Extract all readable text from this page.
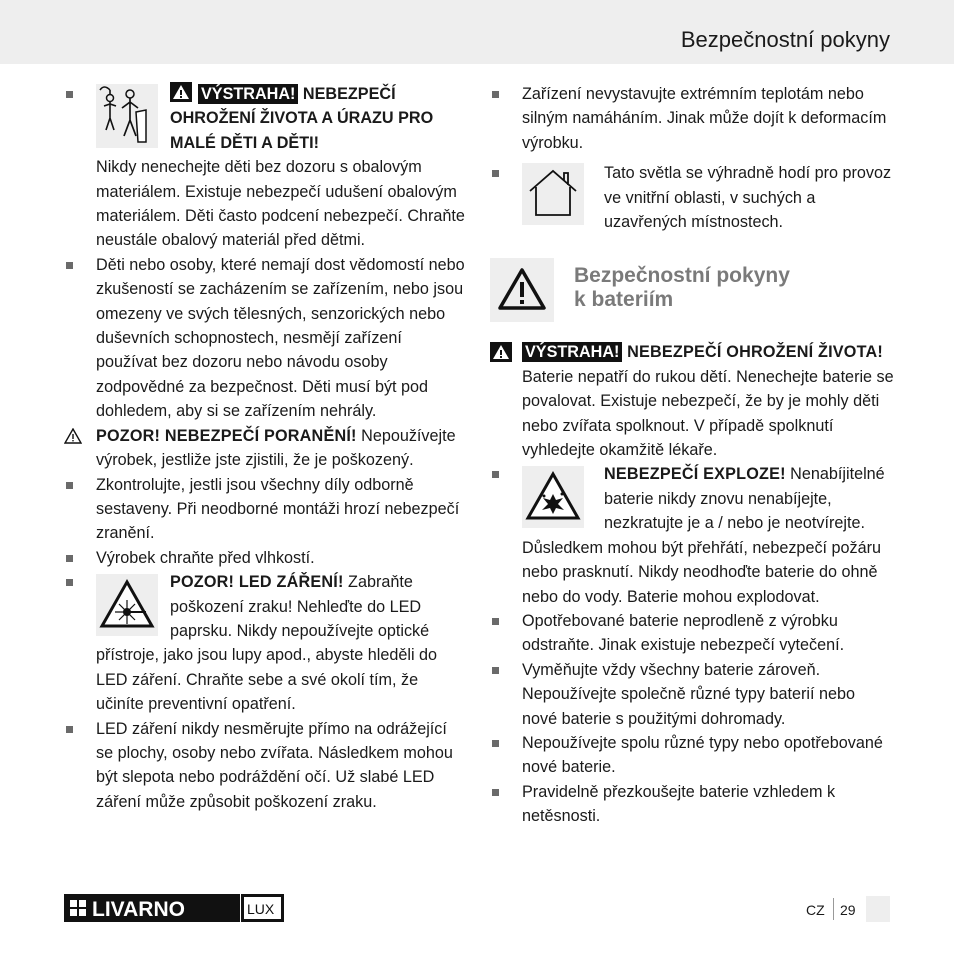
Bezpečnostní pokyny
VÝSTRAHA! NEBEZPEČÍ OHROŽENÍ ŽIVOTA A ÚRAZU PRO MALÉ DĚTI A DĚTI!
Nikdy nenechejte děti bez dozoru s obalovým materiálem. Existuje nebezpečí udušení obalovým materiálem. Děti často podcení nebezpečí. Chraňte neustále obalový materiál před dětmi.
Děti nebo osoby, které nemají dost vědomostí nebo zkušeností se zacházením se zařízením, nebo jsou omezeny ve svých tělesných, senzorických nebo duševních schopnostech, nesmějí zařízení používat bez dozoru nebo návodu osoby zodpovědné za bezpečnost. Děti musí být pod dohledem, aby si se zařízením nehrály.
POZOR! NEBEZPEČÍ PORANĚNÍ! Nepoužívejte výrobek, jestliže jste zjistili, že je poškozený.
Zkontrolujte, jestli jsou všechny díly odborně sestaveny. Při neodborné montáži hrozí nebezpečí zranění.
Výrobek chraňte před vlhkostí.
POZOR! LED ZÁŘENÍ! Zabraňte poškození zraku! Nehleďte do LED paprsku. Nikdy nepoužívejte optické přístroje, jako jsou lupy apod., abyste hleděli do LED záření. Chraňte sebe a své okolí tím, že učiníte preventivní opatření.
LED záření nikdy nesměrujte přímo na odrážející se plochy, osoby nebo zvířata. Následkem mohou být slepota nebo podráždění očí. Už slabé LED záření může způsobit poškození zraku.
Zařízení nevystavujte extrémním teplotám nebo silným namáháním. Jinak může dojít k deformacím výrobku.
Tato světla se výhradně hodí pro provoz ve vnitřní oblasti, v suchých a uzavřených místnostech.
Bezpečnostní pokyny
k bateriím
VÝSTRAHA! NEBEZPEČÍ OHROŽENÍ ŽIVOTA! Baterie nepatří do rukou dětí. Nenechejte baterie se povalovat. Existuje nebezpečí, že by je mohly děti nebo zvířata spolknout. V případě spolknutí vyhledejte okamžitě lékaře.
NEBEZPEČÍ EXPLOZE! Nenabíjitelné baterie nikdy znovu nenabíjejte, nezkratujte je a / nebo je neotvírejte. Důsledkem mohou být přehřátí, nebezpečí požáru nebo prasknutí. Nikdy neodhoďte baterie do ohně nebo do vody. Baterie mohou explodovat.
Opotřebované baterie neprodleně z výrobku odstraňte. Jinak existuje nebezpečí vytečení.
Vyměňujte vždy všechny baterie zároveň. Nepoužívejte společně různé typy baterií nebo nové baterie s použitými dohromady.
Nepoužívejte spolu různé typy nebo opotřebované nové baterie.
Pravidelně přezkoušejte baterie vzhledem k netěsnosti.
LIVARNO	LUX	CZ 29
